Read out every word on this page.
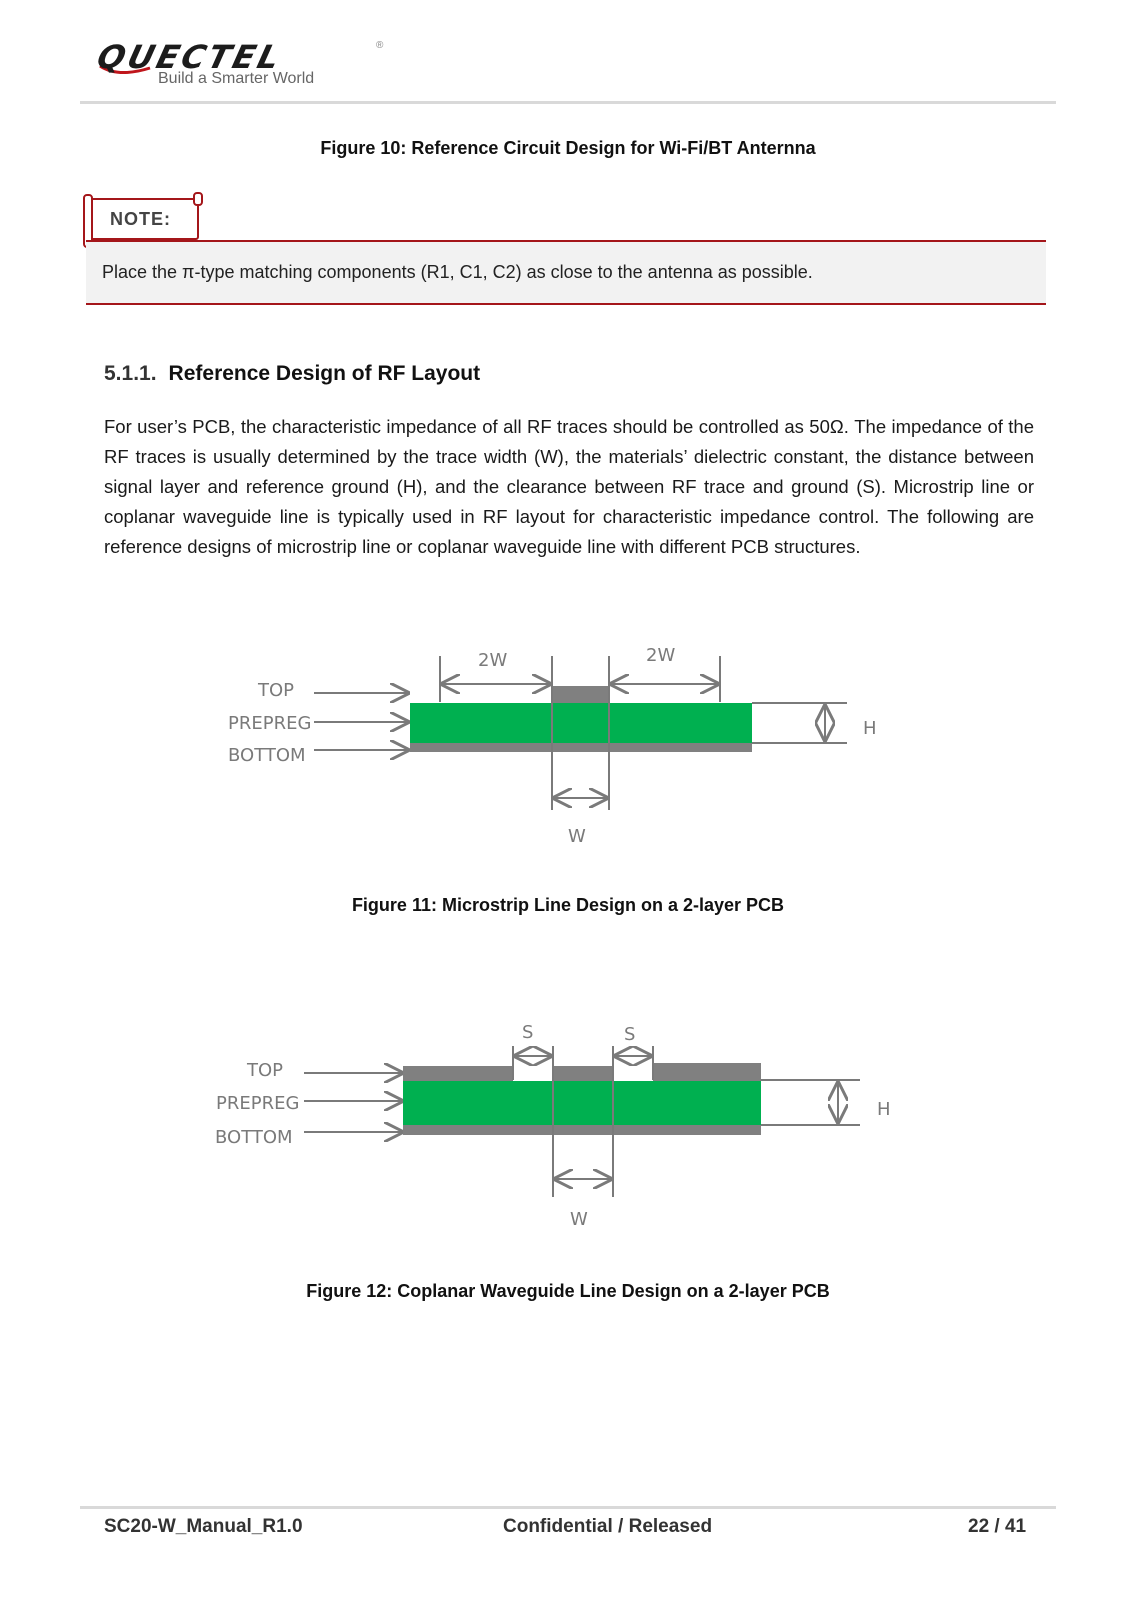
QUECTEL	®
Build a Smarter World
Figure 10: Reference Circuit Design for Wi-Fi/BT Anternna
NOTE:
Place the π-type matching components (R1, C1, C2) as close to the antenna as possible.
5.1.1. Reference Design of RF Layout
For user’s PCB, the characteristic impedance of all RF traces should be controlled as 50Ω. The impedance of the RF traces is usually determined by the trace width (W), the materials’ dielectric constant, the distance between signal layer and reference ground (H), and the clearance between RF trace and ground (S). Microstrip line or coplanar waveguide line is typically used in RF layout for characteristic impedance control. The following are reference designs of microstrip line or coplanar waveguide line with different PCB structures.
TOP
PREPREG
BOTTOM
2W	2W
W
H
Figure 11: Microstrip Line Design on a 2-layer PCB
TOP
PREPREG
BOTTOM
S	S
W
H
Figure 12: Coplanar Waveguide Line Design on a 2-layer PCB
SC20-W_Manual_R1.0	Confidential / Released	22 / 41
